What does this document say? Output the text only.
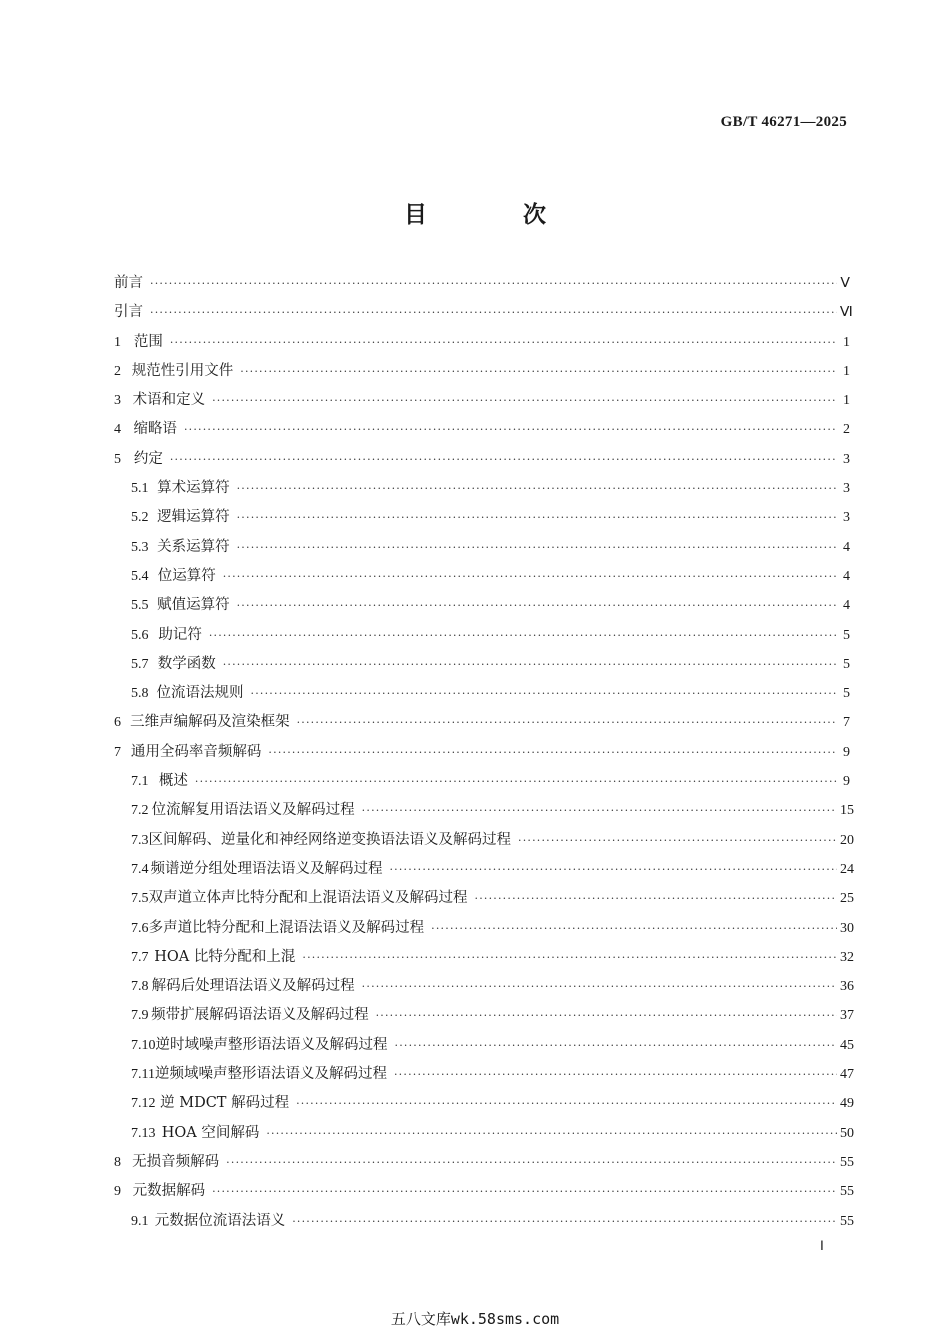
GB/T 46271—2025
目 次
前言 ·····	Ⅴ
引言 ·····	Ⅵ
1 范围 ·····	1
2 规范性引用文件 ·····	1
3 术语和定义 ·····	1
4 缩略语 ·····	2
5 约定 ·····	3
5.1 算术运算符 ·····	3
5.2 逻辑运算符 ·····	3
5.3 关系运算符 ·····	4
5.4 位运算符 ·····	4
5.5 赋值运算符 ·····	4
5.6 助记符 ·····	5
5.7 数学函数 ·····	5
5.8 位流语法规则 ·····	5
6 三维声编解码及渲染框架 ·····	7
7 通用全码率音频解码 ·····	9
7.1 概述 ·····	9
7.2 位流解复用语法语义及解码过程 ·····	15
7.3 区间解码、逆量化和神经网络逆变换语法语义及解码过程 ·····	20
7.4 频谱逆分组处理语法语义及解码过程 ·····	24
7.5 双声道立体声比特分配和上混语法语义及解码过程 ·····	25
7.6 多声道比特分配和上混语法语义及解码过程 ·····	30
7.7 HOA 比特分配和上混 ·····	32
7.8 解码后处理语法语义及解码过程 ·····	36
7.9 频带扩展解码语法语义及解码过程 ·····	37
7.10 逆时域噪声整形语法语义及解码过程 ·····	45
7.11 逆频域噪声整形语法语义及解码过程 ·····	47
7.12 逆 MDCT 解码过程 ·····	49
7.13 HOA 空间解码 ·····	50
8 无损音频解码 ·····	55
9 元数据解码 ·····	55
9.1 元数据位流语法语义 ·····	55
Ⅰ
五八文库wk.58sms.com
